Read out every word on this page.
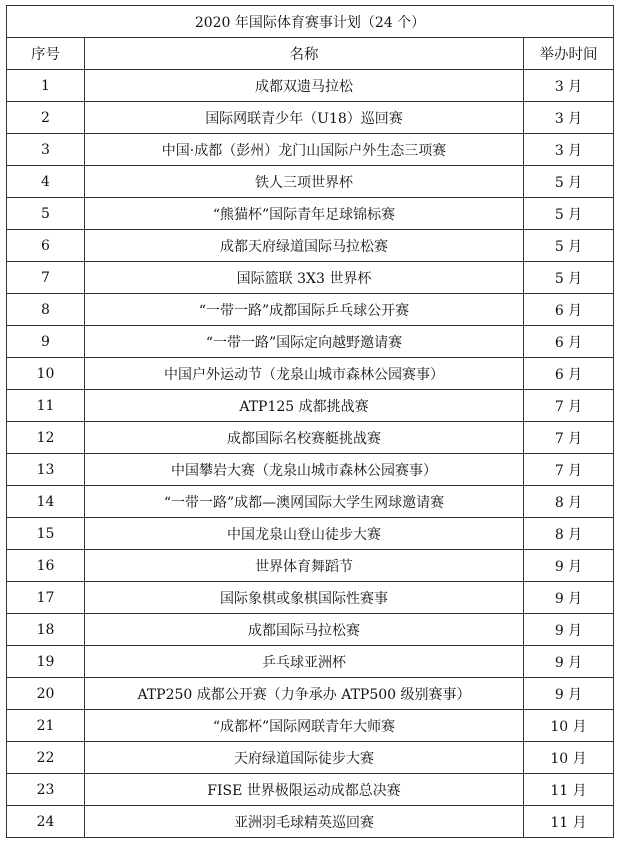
2020 年国际体育赛事计划（24 个）		
序号	名称	举办时间
1	成都双遗马拉松	3 月
2	国际网联青少年（U18）巡回赛	3 月
3	中国·成都（彭州）龙门山国际户外生态三项赛	3 月
4	铁人三项世界杯	5 月
5	“熊猫杯”国际青年足球锦标赛	5 月
6	成都天府绿道国际马拉松赛	5 月
7	国际篮联 3X3 世界杯	5 月
8	“一带一路”成都国际乒乓球公开赛	6 月
9	“一带一路”国际定向越野邀请赛	6 月
10	中国户外运动节（龙泉山城市森林公园赛事）	6 月
11	ATP125 成都挑战赛	7 月
12	成都国际名校赛艇挑战赛	7 月
13	中国攀岩大赛（龙泉山城市森林公园赛事）	7 月
14	“一带一路”成都—澳网国际大学生网球邀请赛	8 月
15	中国龙泉山登山徒步大赛	8 月
16	世界体育舞蹈节	9 月
17	国际象棋或象棋国际性赛事	9 月
18	成都国际马拉松赛	9 月
19	乒乓球亚洲杯	9 月
20	ATP250 成都公开赛（力争承办 ATP500 级别赛事）	9 月
21	“成都杯”国际网联青年大师赛	10 月
22	天府绿道国际徒步大赛	10 月
23	FISE 世界极限运动成都总决赛	11 月
24	亚洲羽毛球精英巡回赛	11 月
